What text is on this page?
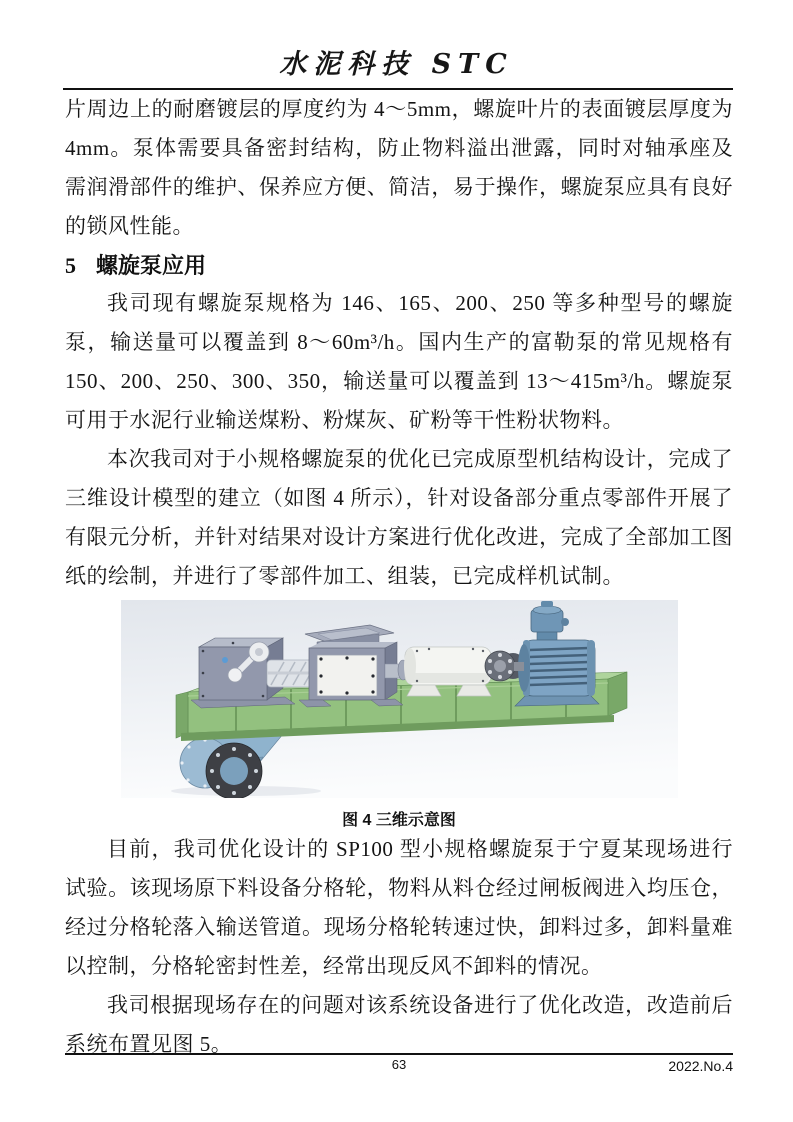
水泥科技 STC

片周边上的耐磨镀层的厚度约为 4～5mm，螺旋叶片的表面镀层厚度为 4mm。泵体需要具备密封结构，防止物料溢出泄露，同时对轴承座及需润滑部件的维护、保养应方便、简洁，易于操作，螺旋泵应具有良好的锁风性能。

5 螺旋泵应用

我司现有螺旋泵规格为 146、165、200、250 等多种型号的螺旋泵，输送量可以覆盖到 8～60m³/h。国内生产的富勒泵的常见规格有 150、200、250、300、350，输送量可以覆盖到 13～415m³/h。螺旋泵可用于水泥行业输送煤粉、粉煤灰、矿粉等干性粉状物料。

本次我司对于小规格螺旋泵的优化已完成原型机结构设计，完成了三维设计模型的建立（如图 4 所示），针对设备部分重点零部件开展了有限元分析，并针对结果对设计方案进行优化改进，完成了全部加工图纸的绘制，并进行了零部件加工、组装，已完成样机试制。

图 4 三维示意图

目前，我司优化设计的 SP100 型小规格螺旋泵于宁夏某现场进行试验。该现场原下料设备分格轮，物料从料仓经过闸板阀进入均压仓，经过分格轮落入输送管道。现场分格轮转速过快，卸料过多，卸料量难以控制，分格轮密封性差，经常出现反风不卸料的情况。

我司根据现场存在的问题对该系统设备进行了优化改造，改造前后系统布置见图 5。

63	2022.No.4
